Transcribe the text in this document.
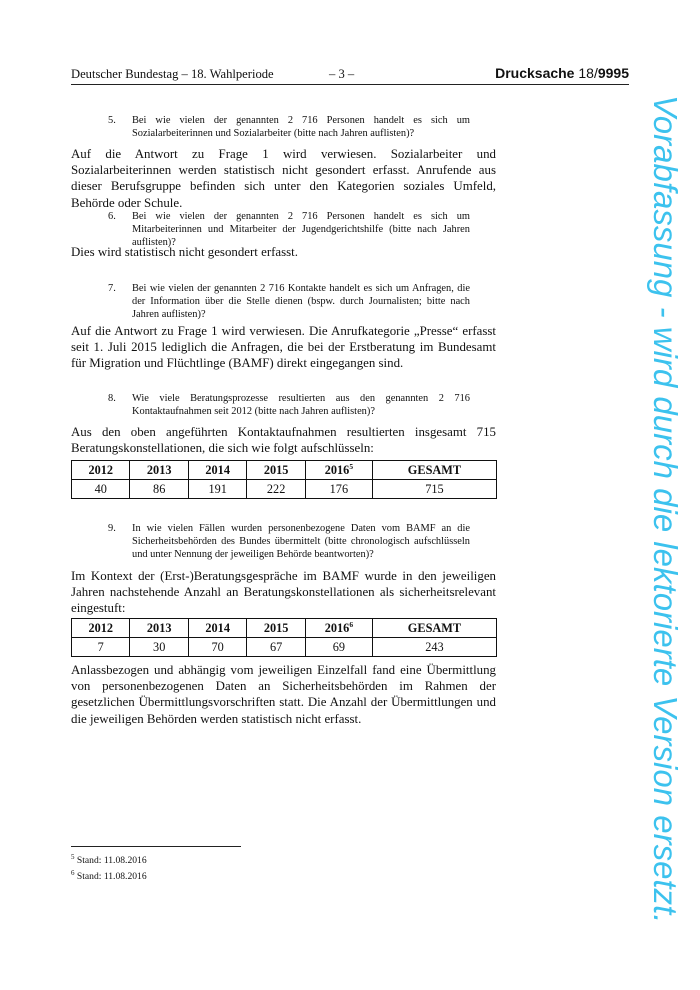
Deutscher Bundestag – 18. Wahlperiode	– 3 –	Drucksache 18/9995
5. Bei wie vielen der genannten 2 716 Personen handelt es sich um Sozialarbeiterinnen und Sozialarbeiter (bitte nach Jahren auflisten)?
Auf die Antwort zu Frage 1 wird verwiesen. Sozialarbeiter und Sozialarbeiterinnen werden statistisch nicht gesondert erfasst. Anrufende aus dieser Berufsgruppe befinden sich unter den Kategorien soziales Umfeld, Behörde oder Schule.
6. Bei wie vielen der genannten 2 716 Personen handelt es sich um Mitarbeiterinnen und Mitarbeiter der Jugendgerichtshilfe (bitte nach Jahren auflisten)?
Dies wird statistisch nicht gesondert erfasst.
7. Bei wie vielen der genannten 2 716 Kontakte handelt es sich um Anfragen, die der Information über die Stelle dienen (bspw. durch Journalisten; bitte nach Jahren auflisten)?
Auf die Antwort zu Frage 1 wird verwiesen. Die Anrufkategorie „Presse“ erfasst seit 1. Juli 2015 lediglich die Anfragen, die bei der Erstberatung im Bundesamt für Migration und Flüchtlinge (BAMF) direkt eingegangen sind.
8. Wie viele Beratungsprozesse resultierten aus den genannten 2 716 Kontaktaufnahmen seit 2012 (bitte nach Jahren auflisten)?
Aus den oben angeführten Kontaktaufnahmen resultierten insgesamt 715 Beratungskonstellationen, die sich wie folgt aufschlüsseln:
2012	2013	2014	2015	2016$^5$	GESAMT
40	86	191	222	176	715
9. In wie vielen Fällen wurden personenbezogene Daten vom BAMF an die Sicherheitsbehörden des Bundes übermittelt (bitte chronologisch aufschlüsseln und unter Nennung der jeweiligen Behörde beantworten)?
Im Kontext der (Erst-)Beratungsgespräche im BAMF wurde in den jeweiligen Jahren nachstehende Anzahl an Beratungskonstellationen als sicherheitsrelevant eingestuft:
2012	2013	2014	2015	2016$^6$	GESAMT
7	30	70	67	69	243
Anlassbezogen und abhängig vom jeweiligen Einzelfall fand eine Übermittlung von personenbezogenen Daten an Sicherheitsbehörden im Rahmen der gesetzlichen Übermittlungsvorschriften statt. Die Anzahl der Übermittlungen und die jeweiligen Behörden werden statistisch nicht erfasst.
$^5$ Stand: 11.08.2016
$^6$ Stand: 11.08.2016	Vorabfassung - wird durch die lektorierte Version ersetzt.
